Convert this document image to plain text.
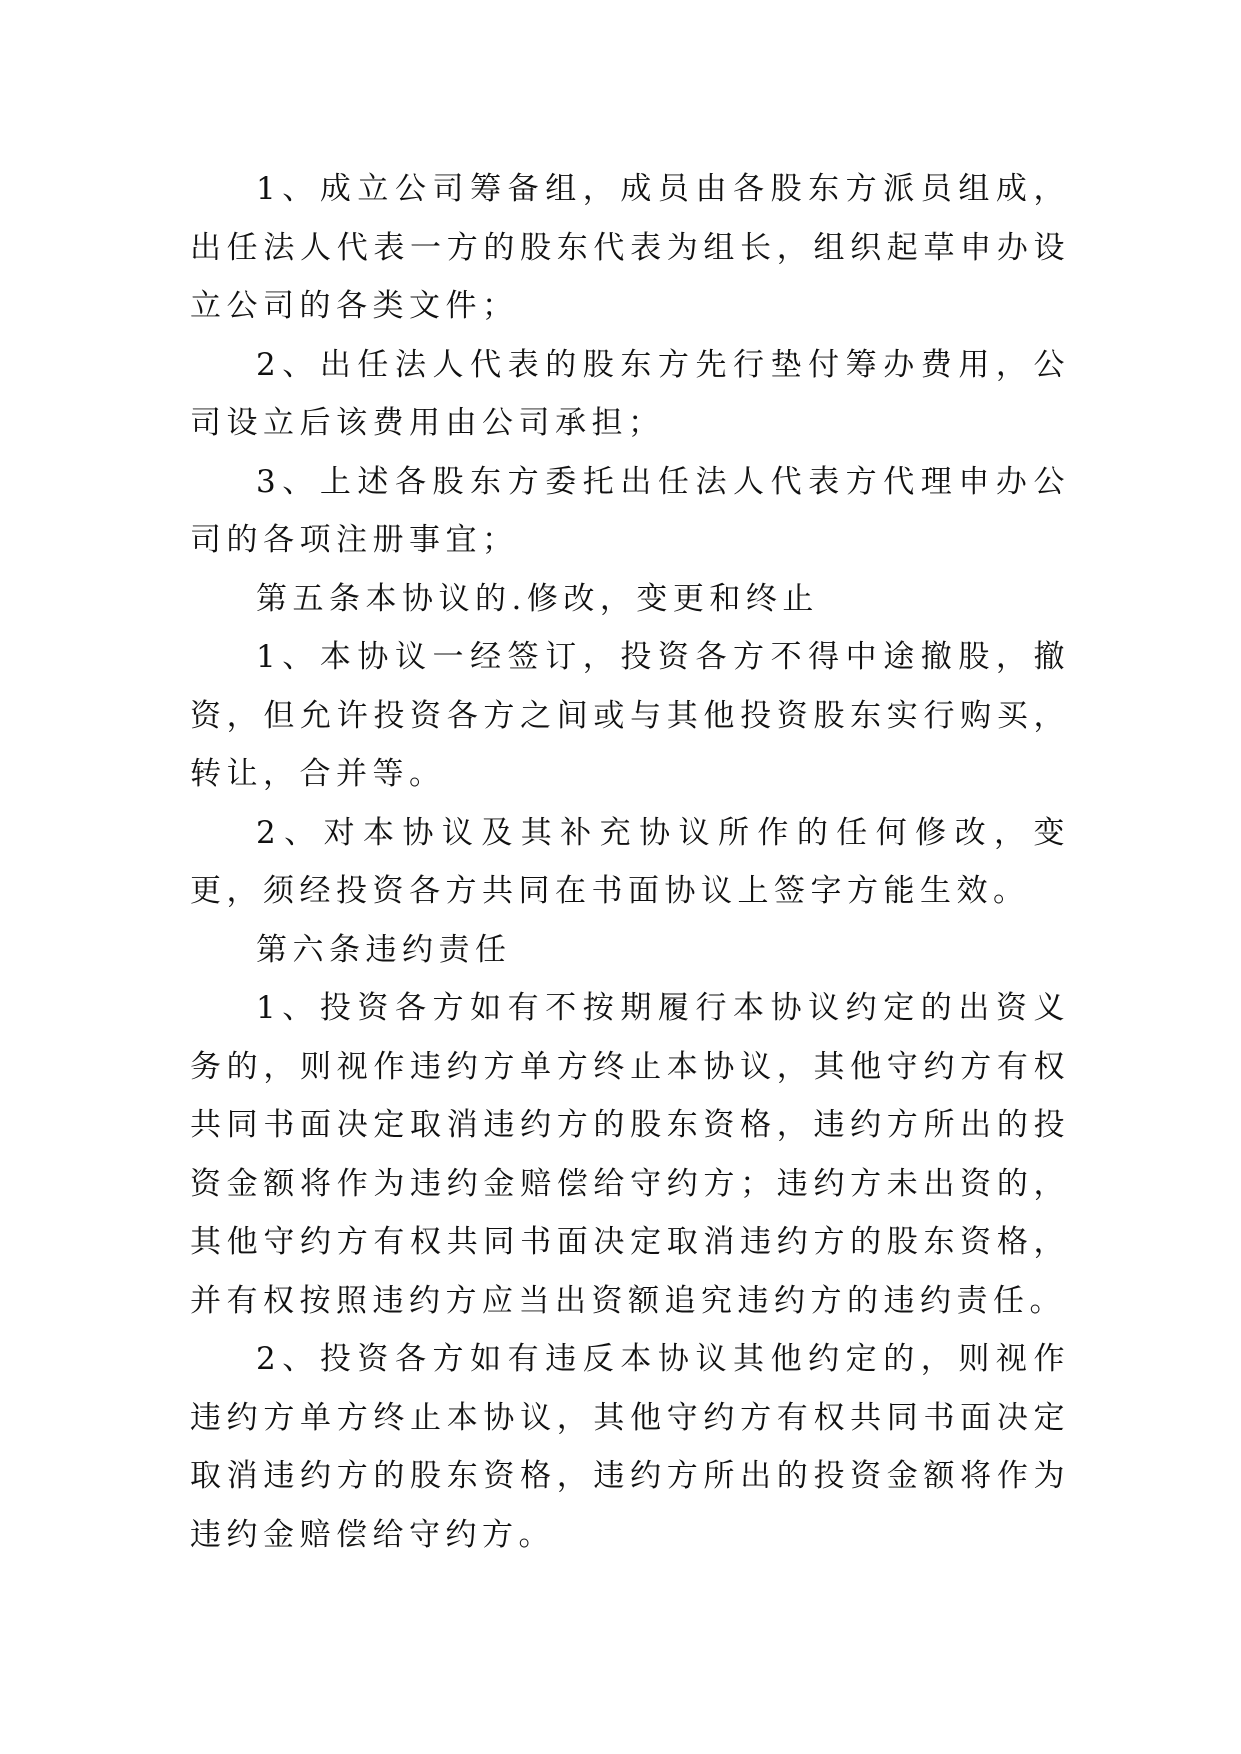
1、成立公司筹备组，成员由各股东方派员组成，出任法人代表一方的股东代表为组长，组织起草申办设立公司的各类文件；

2、出任法人代表的股东方先行垫付筹办费用，公司设立后该费用由公司承担；

3、上述各股东方委托出任法人代表方代理申办公司的各项注册事宜；

第五条本协议的.修改，变更和终止

1、本协议一经签订，投资各方不得中途撤股，撤资，但允许投资各方之间或与其他投资股东实行购买，转让，合并等。

2、对本协议及其补充协议所作的任何修改，变更，须经投资各方共同在书面协议上签字方能生效。

第六条违约责任

1、投资各方如有不按期履行本协议约定的出资义务的，则视作违约方单方终止本协议，其他守约方有权共同书面决定取消违约方的股东资格，违约方所出的投资金额将作为违约金赔偿给守约方；违约方未出资的，其他守约方有权共同书面决定取消违约方的股东资格，并有权按照违约方应当出资额追究违约方的违约责任。

2、投资各方如有违反本协议其他约定的，则视作违约方单方终止本协议，其他守约方有权共同书面决定取消违约方的股东资格，违约方所出的投资金额将作为违约金赔偿给守约方。
